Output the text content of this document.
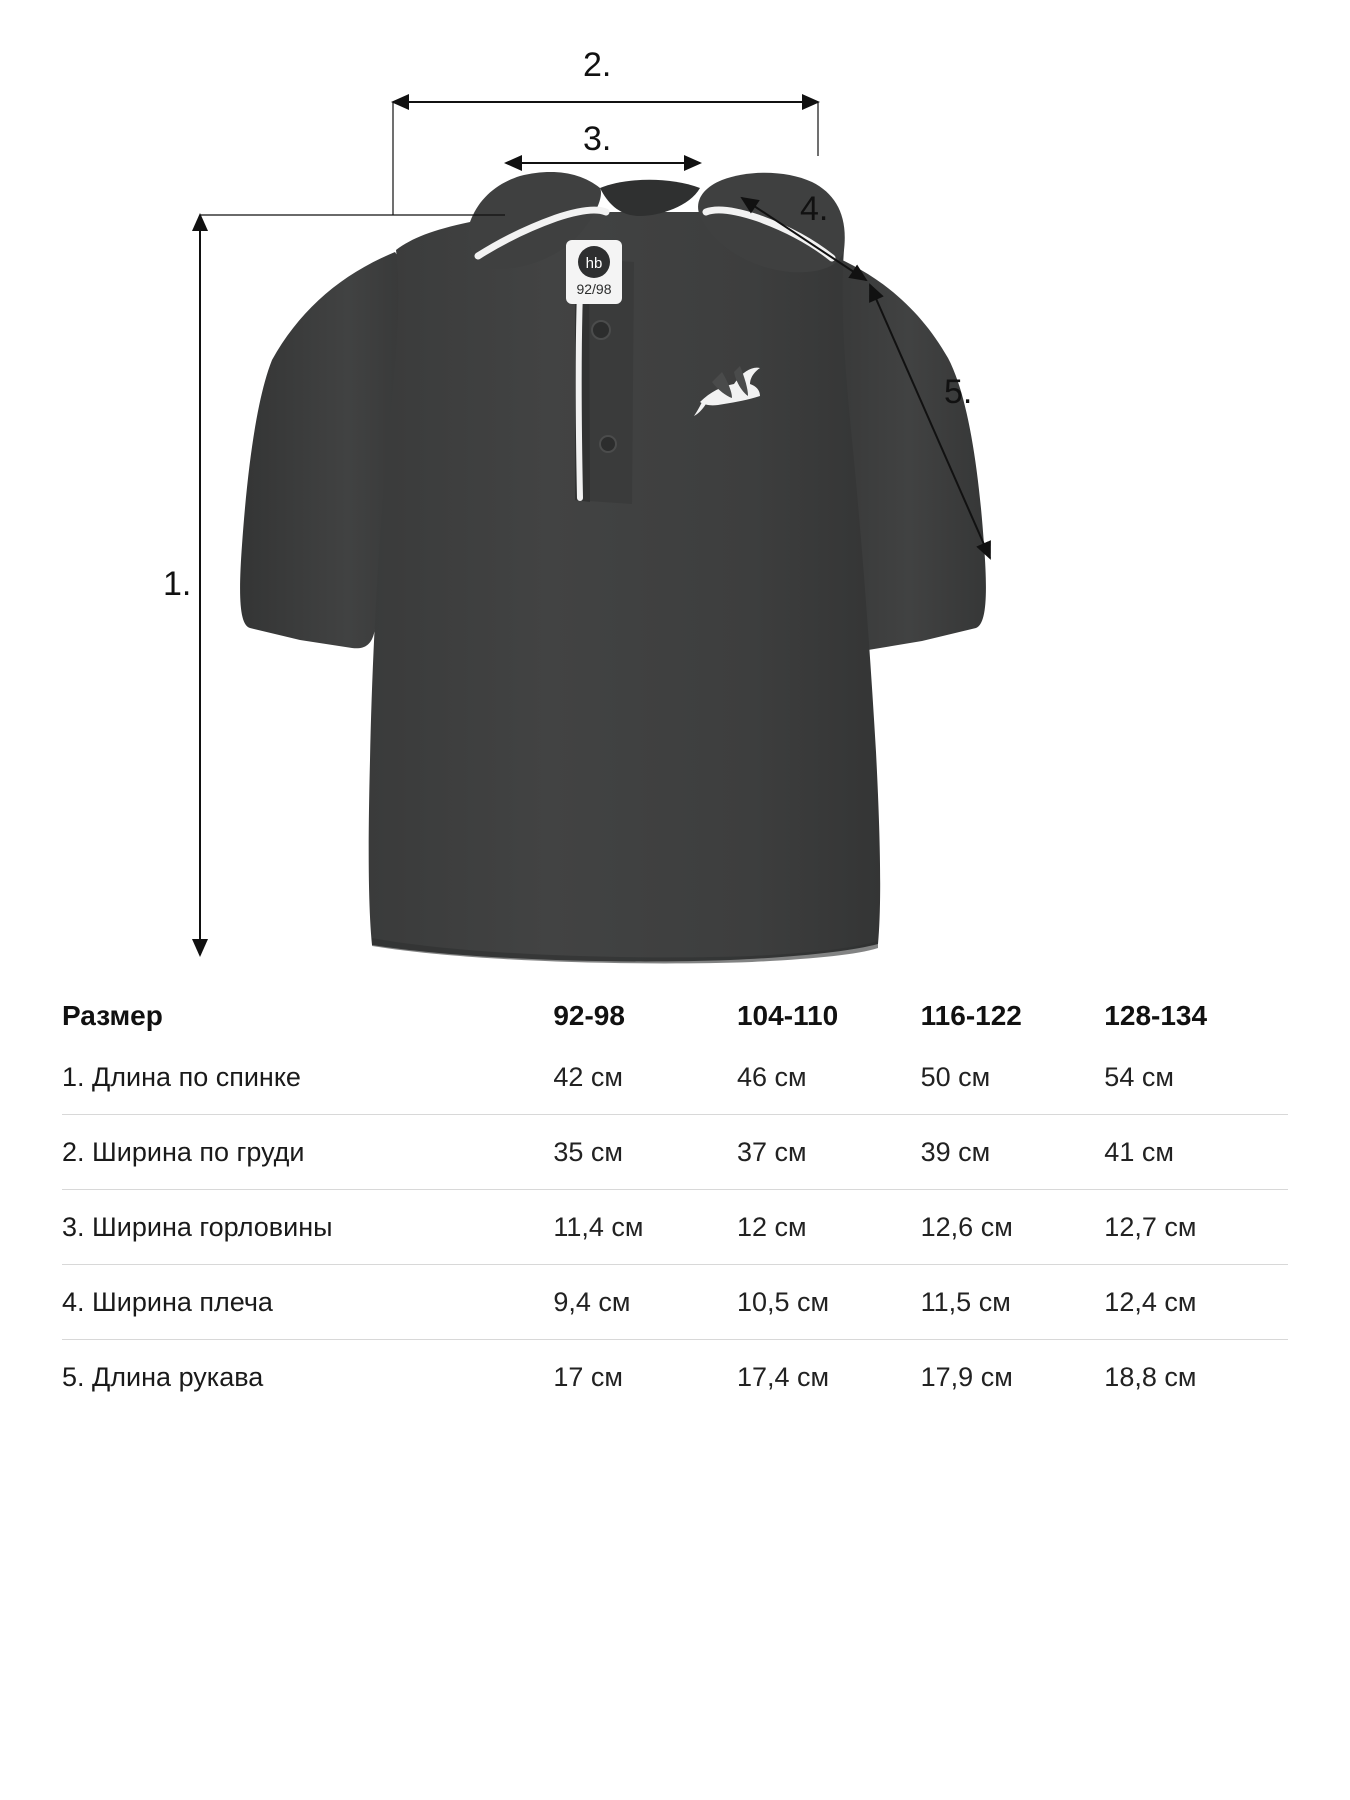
hb
92/98
1.
2.
3.
4.
5.
Размер	92-98	104-110	116-122	128-134
1. Длина по спинке	42 см	46 см	50 см	54 см
2. Ширина по груди	35 см	37 см	39 см	41 см
3. Ширина горловины	11,4 см	12 см	12,6 см	12,7 см
4. Ширина плеча	9,4 см	10,5 см	11,5 см	12,4 см
5. Длина рукава	17 см	17,4 см	17,9 см	18,8 см
